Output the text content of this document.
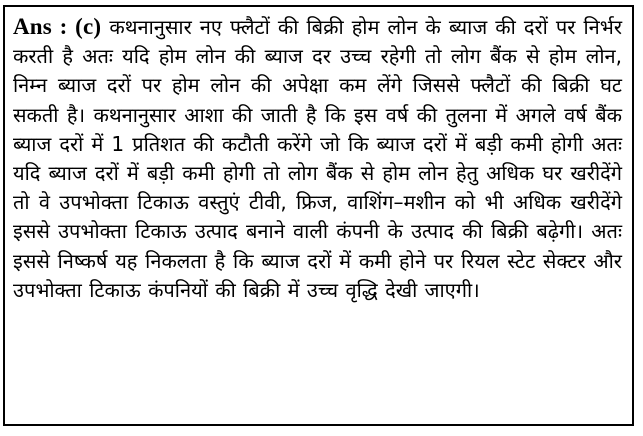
Ans : (c) कथनानुसार नए फ्लैटों की बिक्री होम लोन के ब्याज की दरों पर निर्भर करती है अतः यदि होम लोन की ब्याज दर उच्च रहेगी तो लोग बैंक से होम लोन, निम्न ब्याज दरों पर होम लोन की अपेक्षा कम लेंगे जिससे फ्लैटों की बिक्री घट सकती है। कथनानुसार आशा की जाती है कि इस वर्ष की तुलना में अगले वर्ष बैंक ब्याज दरों में 1 प्रतिशत की कटौती करेंगे जो कि ब्याज दरों में बड़ी कमी होगी अतः यदि ब्याज दरों में बड़ी कमी होगी तो लोग बैंक से होम लोन हेतु अधिक घर खरीदेंगे तो वे उपभोक्ता टिकाऊ वस्तुएं टीवी, फ्रिज, वाशिंग–मशीन को भी अधिक खरीदेंगे इससे उपभोक्ता टिकाऊ उत्पाद बनाने वाली कंपनी के उत्पाद की बिक्री बढ़ेगी। अतः इससे निष्कर्ष यह निकलता है कि ब्याज दरों में कमी होने पर रियल स्टेट सेक्टर और उपभोक्ता टिकाऊ कंपनियों की बिक्री में उच्च वृद्धि देखी जाएगी।
